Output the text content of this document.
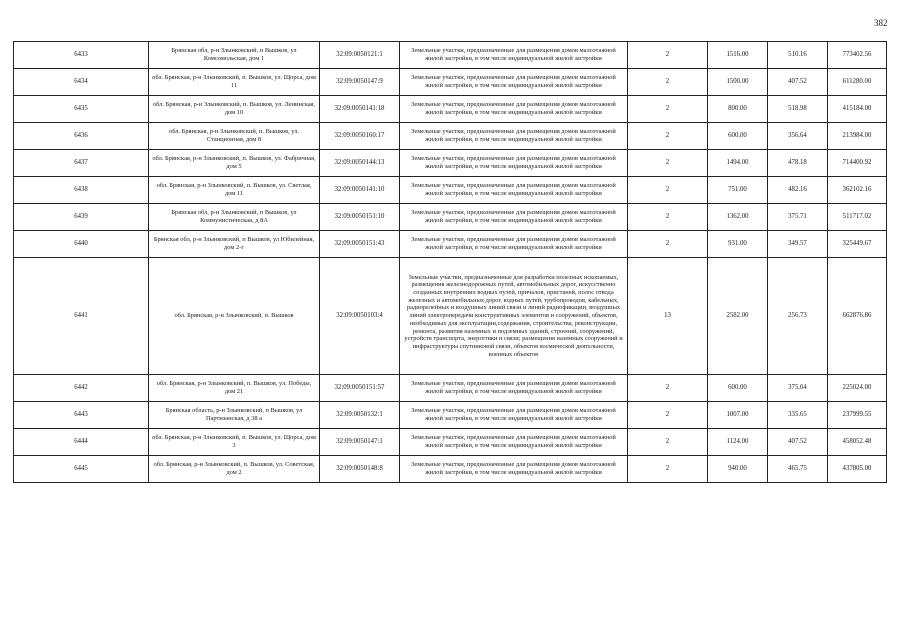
382
6433	Брянская обл, р-н Злынковский, п Вышков, ул Комсомольская, дом 1	32:09:0050121:1	Земельные участки, предназначенные для размещения домов малоэтажной жилой застройки, в том числе индивидуальной жилой застройки	2	1516.00	510.16	773402.56
6434	обл. Брянская, р-н Злынковский, п. Вышков, ул. Щорса, дом 11	32:09:0050147:9	Земельные участки, предназначенные для размещения домов малоэтажной жилой застройки, в том числе индивидуальной жилой застройки	2	1500.00	407.52	611280.00
6435	обл. Брянская, р-н Злынковский, п. Вышков, ул. Ленинская, дом 10	32:09:0050141:18	Земельные участки, предназначенные для размещения домов малоэтажной жилой застройки, в том числе индивидуальной жилой застройки	2	800.00	518.98	415184.00
6436	обл. Брянская, р-н Злынковский, п. Вышков, ул. Станционная, дом 8	32:09:0050160:17	Земельные участки, предназначенные для размещения домов малоэтажной жилой застройки, в том числе индивидуальной жилой застройки	2	600.00	356.64	213984.00
6437	обл. Брянская, р-н Злынковский, п. Вышков, ул. Фабричная, дом 5	32:09:0050144:13	Земельные участки, предназначенные для размещения домов малоэтажной жилой застройки, в том числе индивидуальной жилой застройки	2	1494.00	478.18	714400.92
6438	обл. Брянская, р-н Злынковский, п. Вышков, ул. Светлая, дом 11	32:09:0050141:10	Земельные участки, предназначенные для размещения домов малоэтажной жилой застройки, в том числе индивидуальной жилой застройки	2	751.00	482.16	362102.16
6439	Брянская обл, р-н Злынковский, п Вышков, ул Коммунистическая, д 8А	32:09:0050151:10	Земельные участки, предназначенные для размещения домов малоэтажной жилой застройки, в том числе индивидуальной жилой застройки	2	1362.00	375.71	511717.02
6440	Брянская обл, р-н Злынковский, п Вышков, ул Юбилейная, дом 2-г	32:09:0050151:43	Земельные участки, предназначенные для размещения домов малоэтажной жилой застройки, в том числе индивидуальной жилой застройки	2	931.00	349.57	325449.67
6441	обл. Брянская, р-н Злынковский, п. Вышков	32:09:0050103:4	Земельные участки, предназначенные для разработки полезных ископаемых, размещения железнодорожных путей, автомобильных дорог, искусственно созданных внутренних водных путей, причалов, пристаней, полос отвода железных и автомобильных дорог, водных путей, трубопроводов, кабельных, радиорелейных и воздушных линий связи и линий радиофикации, воздушных линий электропередачи конструктивных элементов и сооружений, объектов, необходимых для эксплуатации,содержания, строительства, реконструкции, ремонта, развития наземных и подземных зданий, строений, сооружений, устройств транспорта, энергетики и связи; размещения наземных сооружений и инфраструктуры спутниковой связи, объектов космической деятельности, военных объектов	13	2582.00	256.73	662876.86
6442	обл. Брянская, р-н Злынковский, п. Вышков, ул. Победы, дом 21	32:09:0050151:57	Земельные участки, предназначенные для размещения домов малоэтажной жилой застройки, в том числе индивидуальной жилой застройки	2	600.00	375.04	225024.00
6443	Брянская область, р-н Злынковский, п Вышков, ул Партизанская, д 38 а	32:09:0050132:1	Земельные участки, предназначенные для размещения домов малоэтажной жилой застройки, в том числе индивидуальной жилой застройки	2	1007.00	335.65	237999.55
6444	обл. Брянская, р-н Злынковский, п. Вышков, ул. Щорса, дом 3	32:09:0050147:1	Земельные участки, предназначенные для размещения домов малоэтажной жилой застройки, в том числе индивидуальной жилой застройки	2	1124.00	407.52	458052.48
6445	обл. Брянская, р-н Злынковский, п. Вышков, ул. Советская, дом 2	32:09:0050148:8	Земельные участки, предназначенные для размещения домов малоэтажной жилой застройки, в том числе индивидуальной жилой застройки	2	940.00	465.75	437805.00
